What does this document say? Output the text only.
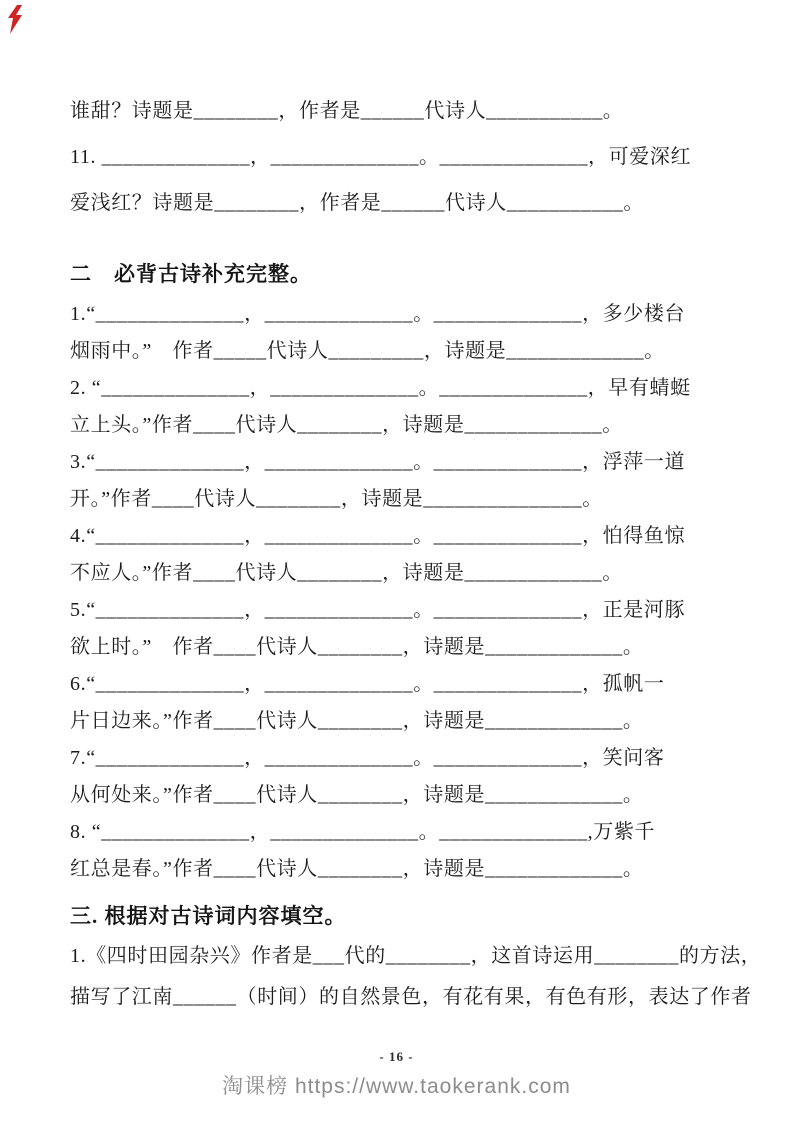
谁甜？诗题是________，作者是______代诗人___________。

11. ______________，______________。______________，可爱深红

爱浅红？诗题是________，作者是______代诗人___________。

二　必背古诗补充完整。

1.“______________，______________。______________，多少楼台

烟雨中。”　作者_____代诗人_________，诗题是_____________。

2. “______________，______________。______________，早有蜻蜓

立上头。”作者____代诗人________，诗题是_____________。

3.“______________，______________。______________，浮萍一道

开。”作者____代诗人________，诗题是_______________。

4.“______________，______________。______________，怕得鱼惊

不应人。”作者____代诗人________，诗题是_____________。

5.“______________，______________。______________，正是河豚

欲上时。”　作者____代诗人________，诗题是_____________。

6.“______________，______________。______________，孤帆一

片日边来。”作者____代诗人________，诗题是_____________。

7.“______________，______________。______________，笑问客

从何处来。”作者____代诗人________，诗题是_____________。

8. “______________，______________。______________,万紫千

红总是春。”作者____代诗人________，诗题是_____________。

三. 根据对古诗词内容填空。

1.《四时田园杂兴》作者是___代的________，这首诗运用________的方法，

描写了江南______（时间）的自然景色，有花有果，有色有形，表达了作者

- 16 -
淘课榜 https://www.taokerank.com
